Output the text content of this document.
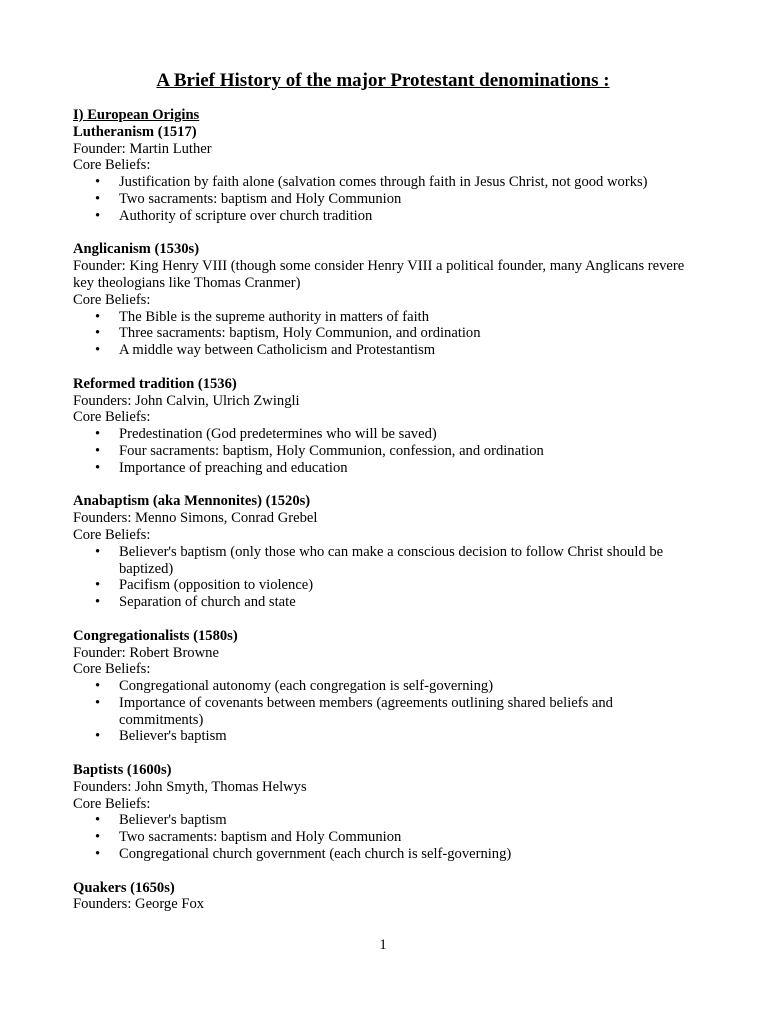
A Brief History of the major Protestant denominations :
I) European Origins
Lutheranism (1517)
Founder: Martin Luther
Core Beliefs:
• Justification by faith alone (salvation comes through faith in Jesus Christ, not good works)
• Two sacraments: baptism and Holy Communion
• Authority of scripture over church tradition
Anglicanism (1530s)
Founder: King Henry VIII (though some consider Henry VIII a political founder, many Anglicans revere key theologians like Thomas Cranmer)
Core Beliefs:
• The Bible is the supreme authority in matters of faith
• Three sacraments: baptism, Holy Communion, and ordination
• A middle way between Catholicism and Protestantism
Reformed tradition (1536)
Founders: John Calvin, Ulrich Zwingli
Core Beliefs:
• Predestination (God predetermines who will be saved)
• Four sacraments: baptism, Holy Communion, confession, and ordination
• Importance of preaching and education
Anabaptism (aka Mennonites) (1520s)
Founders: Menno Simons, Conrad Grebel
Core Beliefs:
• Believer's baptism (only those who can make a conscious decision to follow Christ should be baptized)
• Pacifism (opposition to violence)
• Separation of church and state
Congregationalists (1580s)
Founder: Robert Browne
Core Beliefs:
• Congregational autonomy (each congregation is self-governing)
• Importance of covenants between members (agreements outlining shared beliefs and commitments)
• Believer's baptism
Baptists (1600s)
Founders: John Smyth, Thomas Helwys
Core Beliefs:
• Believer's baptism
• Two sacraments: baptism and Holy Communion
• Congregational church government (each church is self-governing)
Quakers (1650s)
Founders: George Fox
1
